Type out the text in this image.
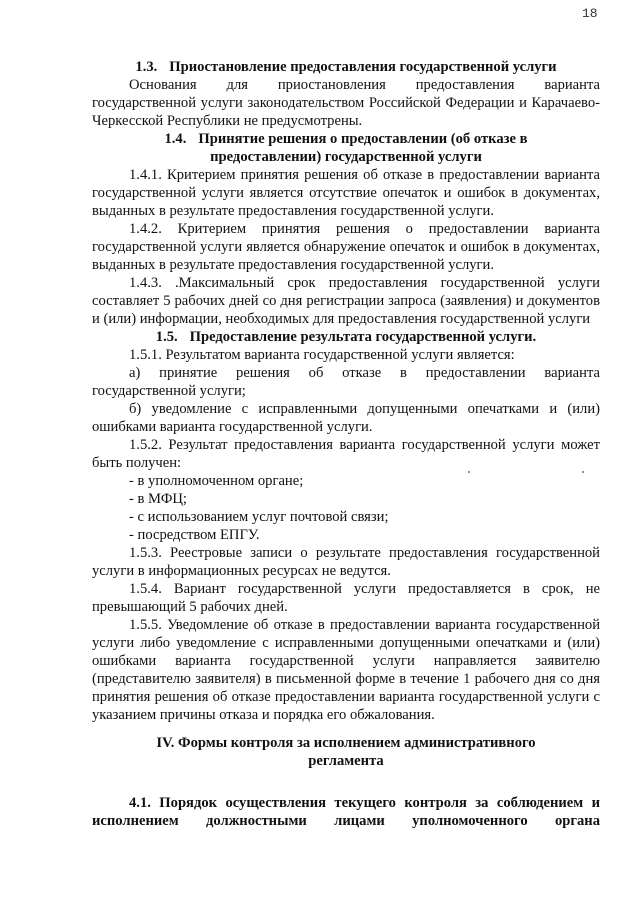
18

1.3. Приостановление предоставления государственной услуги

Основания для приостановления предоставления варианта государственной услуги законодательством Российской Федерации и Карачаево-Черкесской Республики не предусмотрены.

1.4. Принятие решения о предоставлении (об отказе в
предоставлении) государственной услуги

1.4.1. Критерием принятия решения об отказе в предоставлении варианта государственной услуги является отсутствие опечаток и ошибок в документах, выданных в результате предоставления государственной услуги.

1.4.2. Критерием принятия решения о предоставлении варианта государственной услуги является обнаружение опечаток и ошибок в документах, выданных в результате предоставления государственной услуги.

1.4.3. .Максимальный срок предоставления государственной услуги составляет 5 рабочих дней со дня регистрации запроса (заявления) и документов и (или) информации, необходимых для предоставления государственной услуги

1.5. Предоставление результата государственной услуги.

1.5.1. Результатом варианта государственной услуги является:

а) принятие решения об отказе в предоставлении варианта государственной услуги;

б) уведомление с исправленными допущенными опечатками и (или) ошибками варианта государственной услуги.

1.5.2. Результат предоставления варианта государственной услуги может быть получен:

- в уполномоченном органе;

- в МФЦ;

- с использованием услуг почтовой связи;

- посредством ЕПГУ.

1.5.3. Реестровые записи о результате предоставления государственной услуги в информационных ресурсах не ведутся.

1.5.4. Вариант государственной услуги предоставляется в срок, не превышающий 5 рабочих дней.

1.5.5. Уведомление об отказе в предоставлении варианта государственной услуги либо уведомление с исправленными допущенными опечатками и (или) ошибками варианта государственной услуги направляется заявителю (представителю заявителя) в письменной форме в течение 1 рабочего дня со дня принятия решения об отказе предоставлении варианта государственной услуги с указанием причины отказа и порядка его обжалования.

IV. Формы контроля за исполнением административного
регламента

4.1. Порядок осуществления текущего контроля за соблюдением и
исполнением должностными лицами уполномоченного органа
